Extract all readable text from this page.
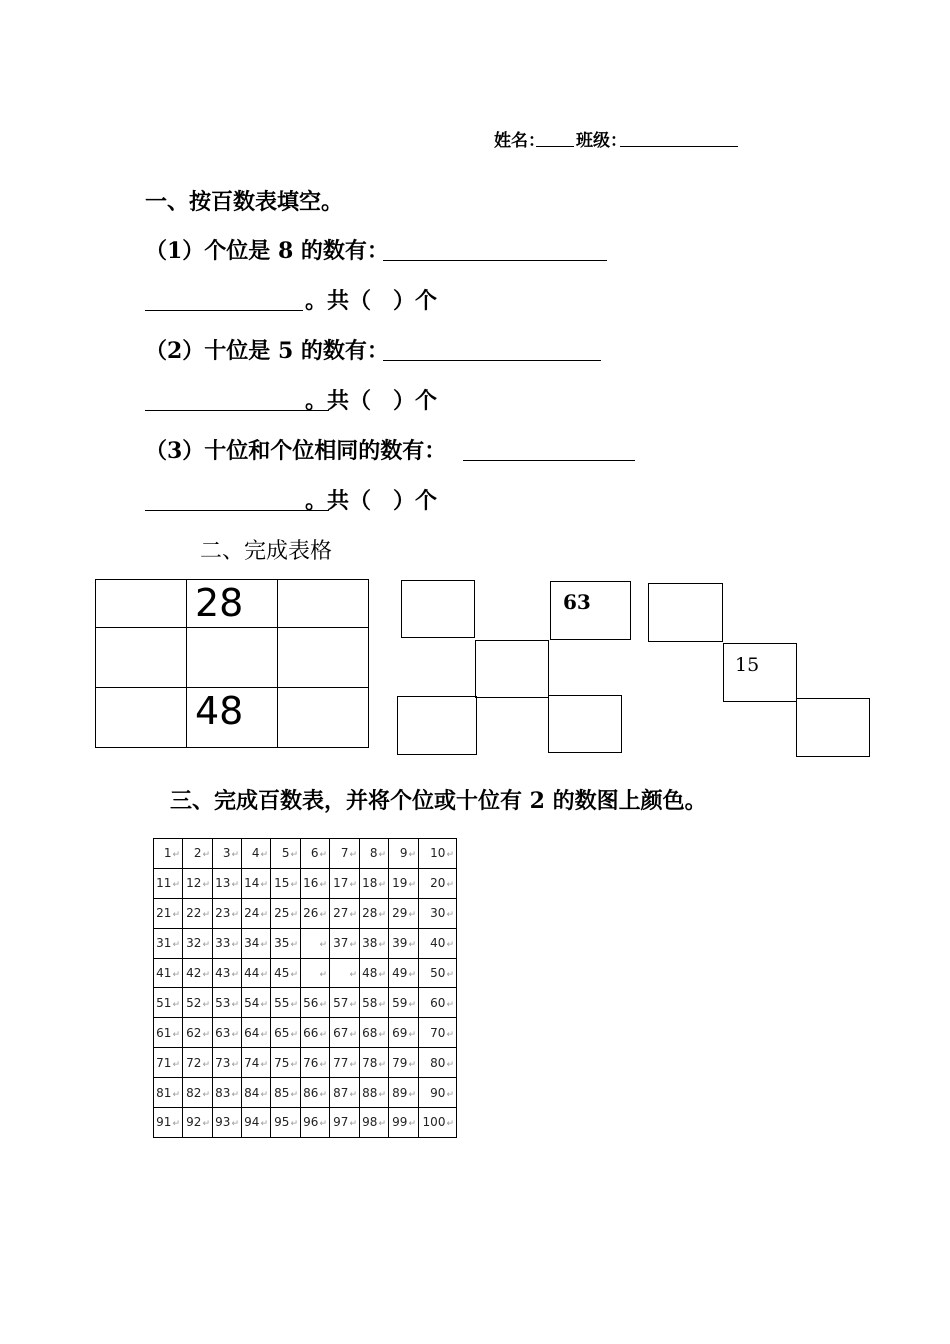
姓名： 班级：
一、按百数表填空。
（1）个位是 8 的数有：
。共（　）个
（2）十位是 5 的数有：
。共（　）个
（3）十位和个位相同的数有：
。共（　）个
二、完成表格

	28	

	48	

63
15
三、完成百数表，并将个位或十位有 2 的数图上颜色。
1↵	2↵	3↵	4↵	5↵	6↵	7↵	8↵	9↵	10↵
11↵	12↵	13↵	14↵	15↵	16↵	17↵	18↵	19↵	20↵
21↵	22↵	23↵	24↵	25↵	26↵	27↵	28↵	29↵	30↵
31↵	32↵	33↵	34↵	35↵	↵	37↵	38↵	39↵	40↵
41↵	42↵	43↵	44↵	45↵	↵	↵	48↵	49↵	50↵
51↵	52↵	53↵	54↵	55↵	56↵	57↵	58↵	59↵	60↵
61↵	62↵	63↵	64↵	65↵	66↵	67↵	68↵	69↵	70↵
71↵	72↵	73↵	74↵	75↵	76↵	77↵	78↵	79↵	80↵
81↵	82↵	83↵	84↵	85↵	86↵	87↵	88↵	89↵	90↵
91↵	92↵	93↵	94↵	95↵	96↵	97↵	98↵	99↵	100↵
